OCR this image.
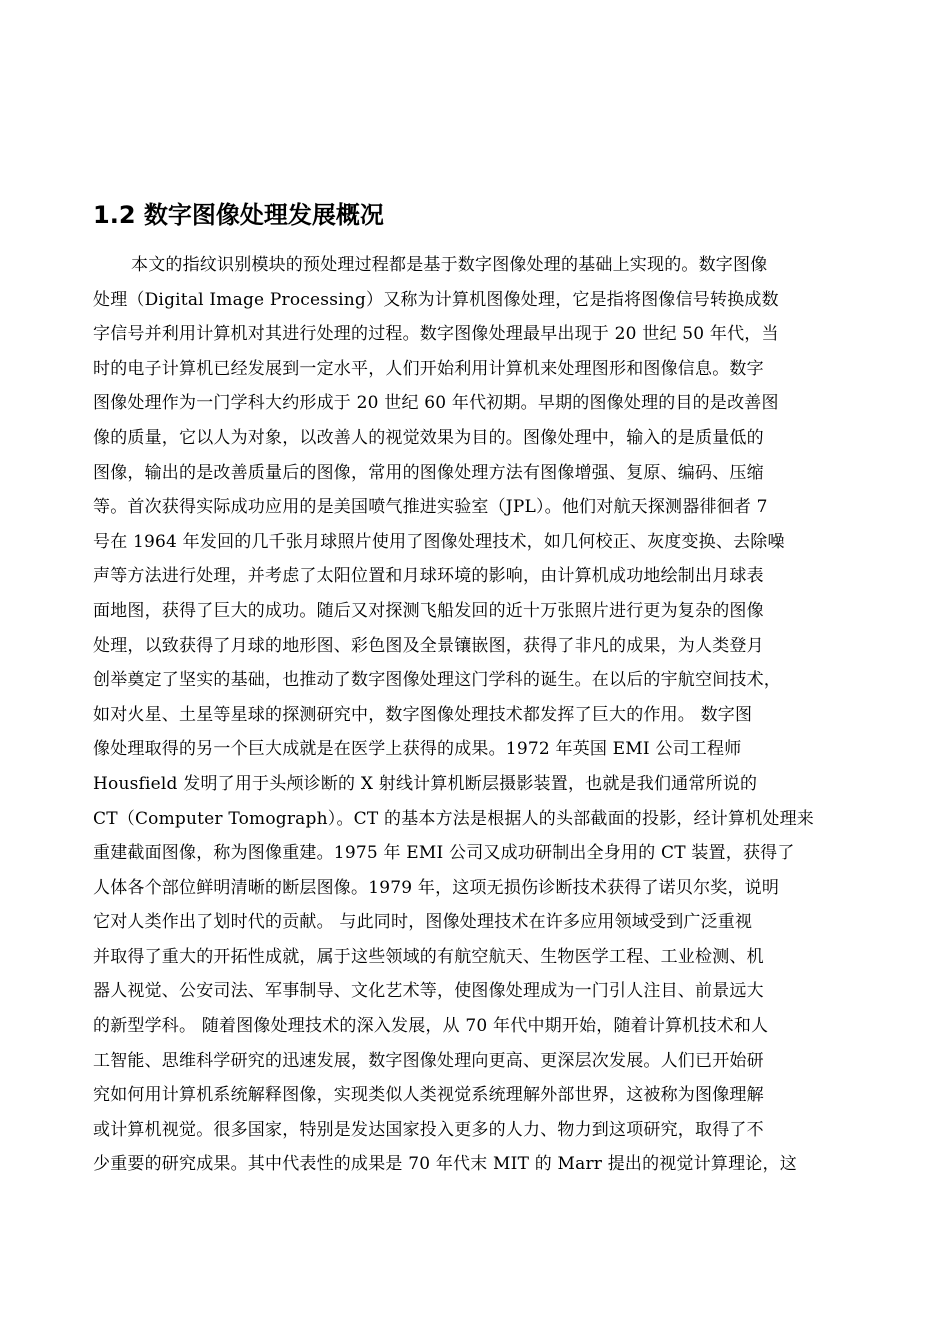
1.2 数字图像处理发展概况
本文的指纹识别模块的预处理过程都是基于数字图像处理的基础上实现的。数字图像
处理（Digital Image Processing）又称为计算机图像处理，它是指将图像信号转换成数
字信号并利用计算机对其进行处理的过程。数字图像处理最早出现于 20 世纪 50 年代，当
时的电子计算机已经发展到一定水平，人们开始利用计算机来处理图形和图像信息。数字
图像处理作为一门学科大约形成于 20 世纪 60 年代初期。早期的图像处理的目的是改善图
像的质量，它以人为对象，以改善人的视觉效果为目的。图像处理中，输入的是质量低的
图像，输出的是改善质量后的图像，常用的图像处理方法有图像增强、复原、编码、压缩
等。首次获得实际成功应用的是美国喷气推进实验室（JPL）。他们对航天探测器徘徊者 7
号在 1964 年发回的几千张月球照片使用了图像处理技术，如几何校正、灰度变换、去除噪
声等方法进行处理，并考虑了太阳位置和月球环境的影响，由计算机成功地绘制出月球表
面地图，获得了巨大的成功。随后又对探测飞船发回的近十万张照片进行更为复杂的图像
处理，以致获得了月球的地形图、彩色图及全景镶嵌图，获得了非凡的成果，为人类登月
创举奠定了坚实的基础，也推动了数字图像处理这门学科的诞生。在以后的宇航空间技术，
如对火星、土星等星球的探测研究中，数字图像处理技术都发挥了巨大的作用。 数字图
像处理取得的另一个巨大成就是在医学上获得的成果。1972 年英国 EMI 公司工程师
Housfield 发明了用于头颅诊断的 X 射线计算机断层摄影装置，也就是我们通常所说的
CT（Computer Tomograph）。CT 的基本方法是根据人的头部截面的投影，经计算机处理来
重建截面图像，称为图像重建。1975 年 EMI 公司又成功研制出全身用的 CT 装置，获得了
人体各个部位鲜明清晰的断层图像。1979 年，这项无损伤诊断技术获得了诺贝尔奖，说明
它对人类作出了划时代的贡献。 与此同时，图像处理技术在许多应用领域受到广泛重视
并取得了重大的开拓性成就，属于这些领域的有航空航天、生物医学工程、工业检测、机
器人视觉、公安司法、军事制导、文化艺术等，使图像处理成为一门引人注目、前景远大
的新型学科。 随着图像处理技术的深入发展，从 70 年代中期开始，随着计算机技术和人
工智能、思维科学研究的迅速发展，数字图像处理向更高、更深层次发展。人们已开始研
究如何用计算机系统解释图像，实现类似人类视觉系统理解外部世界，这被称为图像理解
或计算机视觉。很多国家，特别是发达国家投入更多的人力、物力到这项研究，取得了不
少重要的研究成果。其中代表性的成果是 70 年代末 MIT 的 Marr 提出的视觉计算理论，这
